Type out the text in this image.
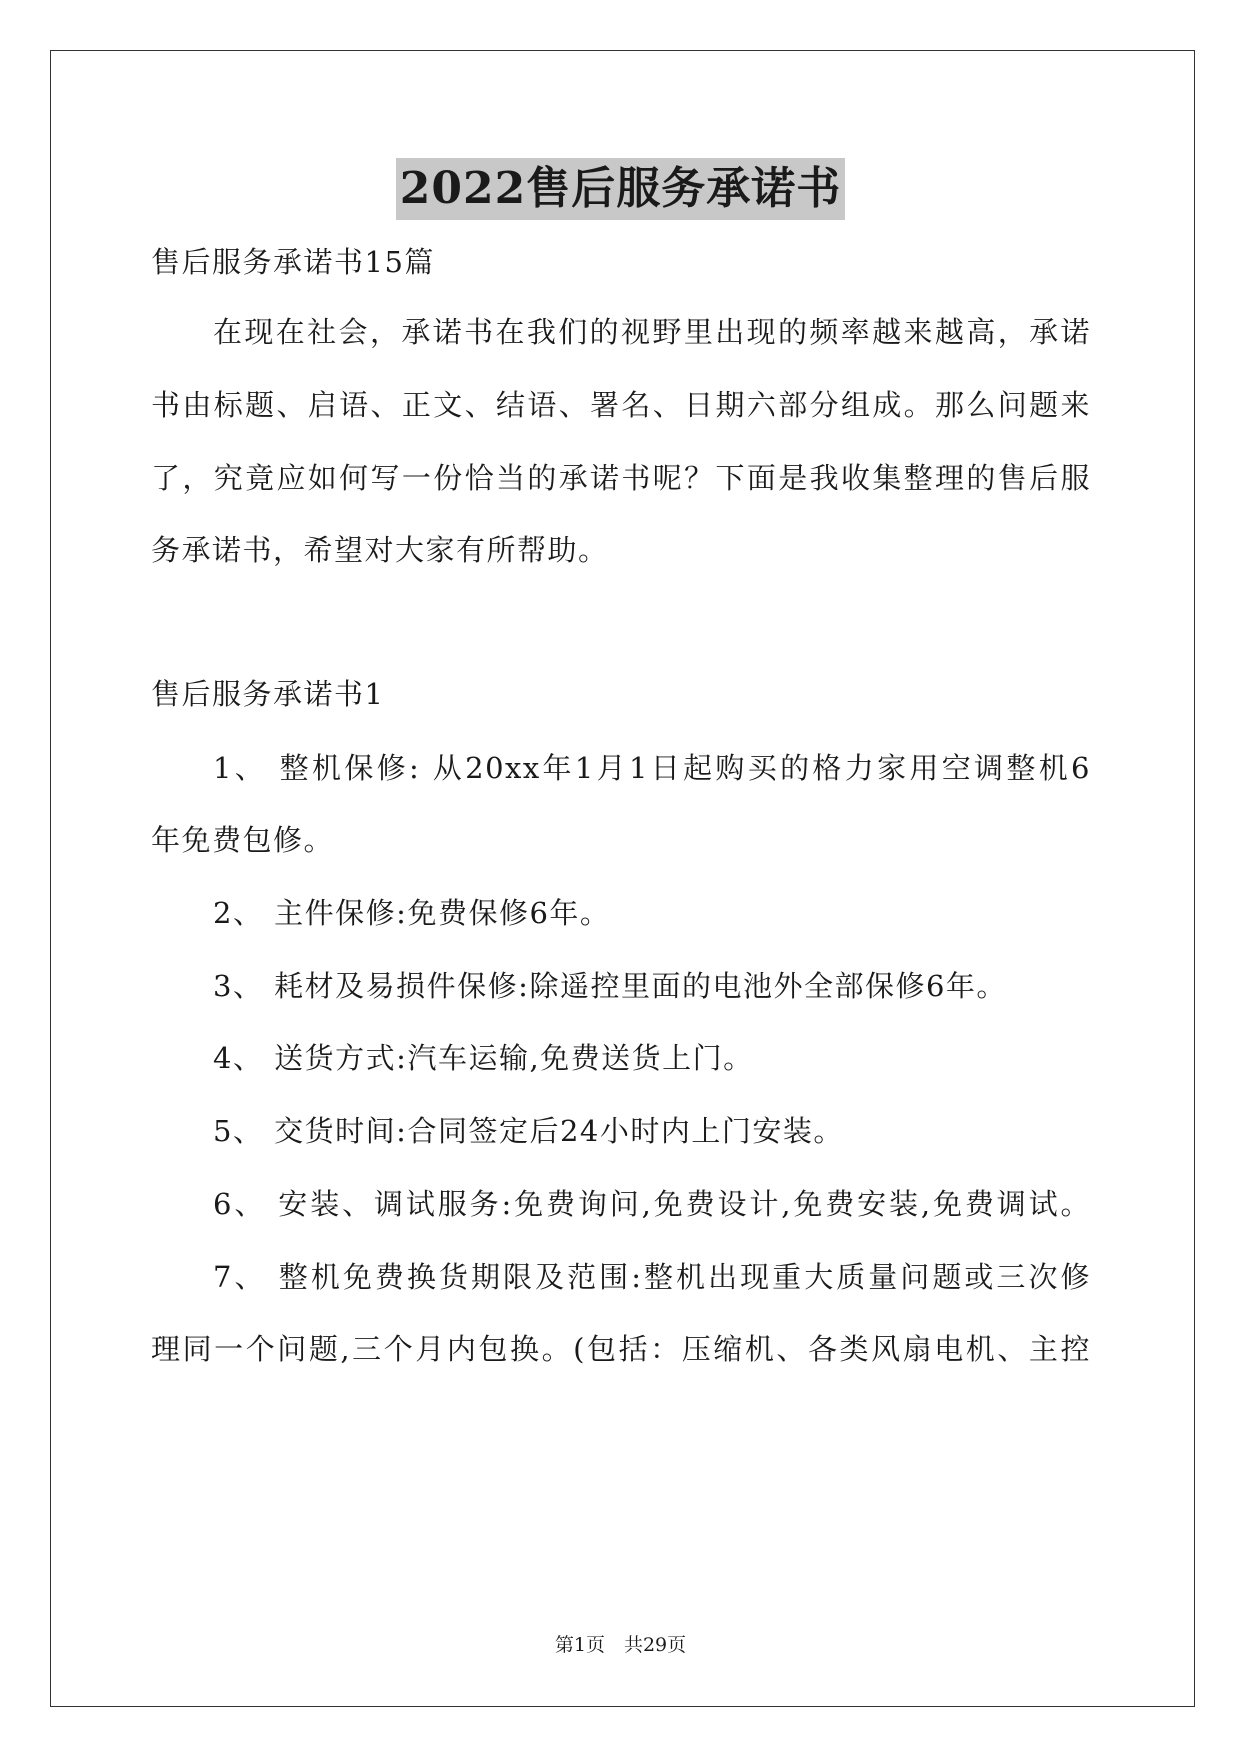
2022售后服务承诺书
售后服务承诺书15篇
在现在社会，承诺书在我们的视野里出现的频率越来越高，承诺
书由标题、启语、正文、结语、署名、日期六部分组成。那么问题来
了，究竟应如何写一份恰当的承诺书呢？下面是我收集整理的售后服
务承诺书，希望对大家有所帮助。
售后服务承诺书1
1、 整机保修: 从20xx年1月1日起购买的格力家用空调整机6
年免费包修。
2、 主件保修:免费保修6年。
3、 耗材及易损件保修:除遥控里面的电池外全部保修6年。
4、 送货方式:汽车运输,免费送货上门。
5、 交货时间:合同签定后24小时内上门安装。
6、 安装、调试服务:免费询问,免费设计,免费安装,免费调试。
7、 整机免费换货期限及范围:整机出现重大质量问题或三次修
理同一个问题,三个月内包换。(包括：压缩机、各类风扇电机、主控
第1页　共29页
